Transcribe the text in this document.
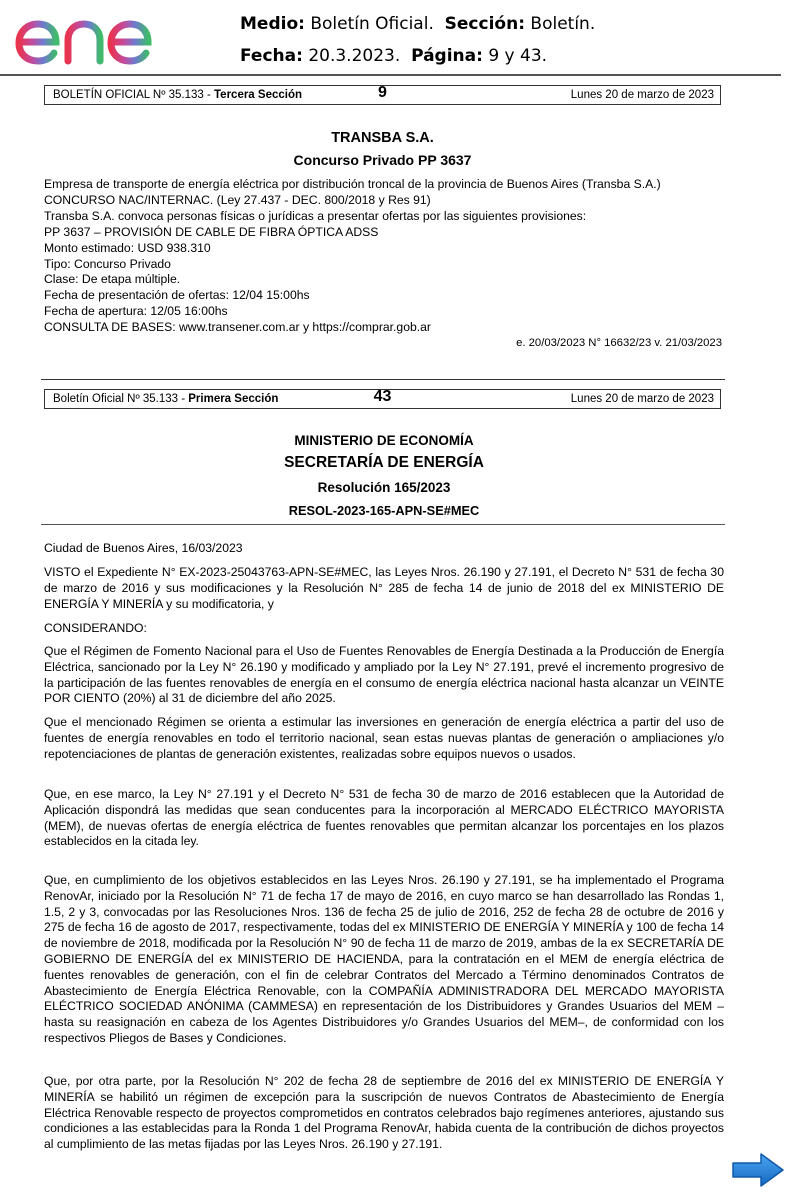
Medio: Boletín Oficial. Sección: Boletín.
Fecha: 20.3.2023. Página: 9 y 43.
BOLETÍN OFICIAL Nº 35.133 - Tercera Sección	9	Lunes 20 de marzo de 2023
TRANSBA S.A.
Concurso Privado PP 3637
Empresa de transporte de energía eléctrica por distribución troncal de la provincia de Buenos Aires (Transba S.A.)
CONCURSO NAC/INTERNAC. (Ley 27.437 - DEC. 800/2018 y Res 91)
Transba S.A. convoca personas físicas o jurídicas a presentar ofertas por las siguientes provisiones:
PP 3637 – PROVISIÓN DE CABLE DE FIBRA ÓPTICA ADSS
Monto estimado: USD 938.310
Tipo: Concurso Privado
Clase: De etapa múltiple.
Fecha de presentación de ofertas: 12/04 15:00hs
Fecha de apertura: 12/05 16:00hs
CONSULTA DE BASES: www.transener.com.ar y https://comprar.gob.ar
e. 20/03/2023 N° 16632/23 v. 21/03/2023
Boletín Oficial Nº 35.133 - Primera Sección	43	Lunes 20 de marzo de 2023
MINISTERIO DE ECONOMÍA
SECRETARÍA DE ENERGÍA
Resolución 165/2023
RESOL-2023-165-APN-SE#MEC
Ciudad de Buenos Aires, 16/03/2023
VISTO el Expediente N° EX-2023-25043763-APN-SE#MEC, las Leyes Nros. 26.190 y 27.191, el Decreto N° 531 de fecha 30 de marzo de 2016 y sus modificaciones y la Resolución N° 285 de fecha 14 de junio de 2018 del ex MINISTERIO DE ENERGÍA Y MINERÍA y su modificatoria, y
CONSIDERANDO:
Que el Régimen de Fomento Nacional para el Uso de Fuentes Renovables de Energía Destinada a la Producción de Energía Eléctrica, sancionado por la Ley N° 26.190 y modificado y ampliado por la Ley N° 27.191, prevé el incremento progresivo de la participación de las fuentes renovables de energía en el consumo de energía eléctrica nacional hasta alcanzar un VEINTE POR CIENTO (20%) al 31 de diciembre del año 2025.
Que el mencionado Régimen se orienta a estimular las inversiones en generación de energía eléctrica a partir del uso de fuentes de energía renovables en todo el territorio nacional, sean estas nuevas plantas de generación o ampliaciones y/o repotenciaciones de plantas de generación existentes, realizadas sobre equipos nuevos o usados.
Que, en ese marco, la Ley N° 27.191 y el Decreto N° 531 de fecha 30 de marzo de 2016 establecen que la Autoridad de Aplicación dispondrá las medidas que sean conducentes para la incorporación al MERCADO ELÉCTRICO MAYORISTA (MEM), de nuevas ofertas de energía eléctrica de fuentes renovables que permitan alcanzar los porcentajes en los plazos establecidos en la citada ley.
Que, en cumplimiento de los objetivos establecidos en las Leyes Nros. 26.190 y 27.191, se ha implementado el Programa RenovAr, iniciado por la Resolución N° 71 de fecha 17 de mayo de 2016, en cuyo marco se han desarrollado las Rondas 1, 1.5, 2 y 3, convocadas por las Resoluciones Nros. 136 de fecha 25 de julio de 2016, 252 de fecha 28 de octubre de 2016 y 275 de fecha 16 de agosto de 2017, respectivamente, todas del ex MINISTERIO DE ENERGÍA Y MINERÍA y 100 de fecha 14 de noviembre de 2018, modificada por la Resolución N° 90 de fecha 11 de marzo de 2019, ambas de la ex SECRETARÍA DE GOBIERNO DE ENERGÍA del ex MINISTERIO DE HACIENDA, para la contratación en el MEM de energía eléctrica de fuentes renovables de generación, con el fin de celebrar Contratos del Mercado a Término denominados Contratos de Abastecimiento de Energía Eléctrica Renovable, con la COMPAÑÍA ADMINISTRADORA DEL MERCADO MAYORISTA ELÉCTRICO SOCIEDAD ANÓNIMA (CAMMESA) en representación de los Distribuidores y Grandes Usuarios del MEM –hasta su reasignación en cabeza de los Agentes Distribuidores y/o Grandes Usuarios del MEM–, de conformidad con los respectivos Pliegos de Bases y Condiciones.
Que, por otra parte, por la Resolución N° 202 de fecha 28 de septiembre de 2016 del ex MINISTERIO DE ENERGÍA Y MINERÍA se habilitó un régimen de excepción para la suscripción de nuevos Contratos de Abastecimiento de Energía Eléctrica Renovable respecto de proyectos comprometidos en contratos celebrados bajo regímenes anteriores, ajustando sus condiciones a las establecidas para la Ronda 1 del Programa RenovAr, habida cuenta de la contribución de dichos proyectos al cumplimiento de las metas fijadas por las Leyes Nros. 26.190 y 27.191.
